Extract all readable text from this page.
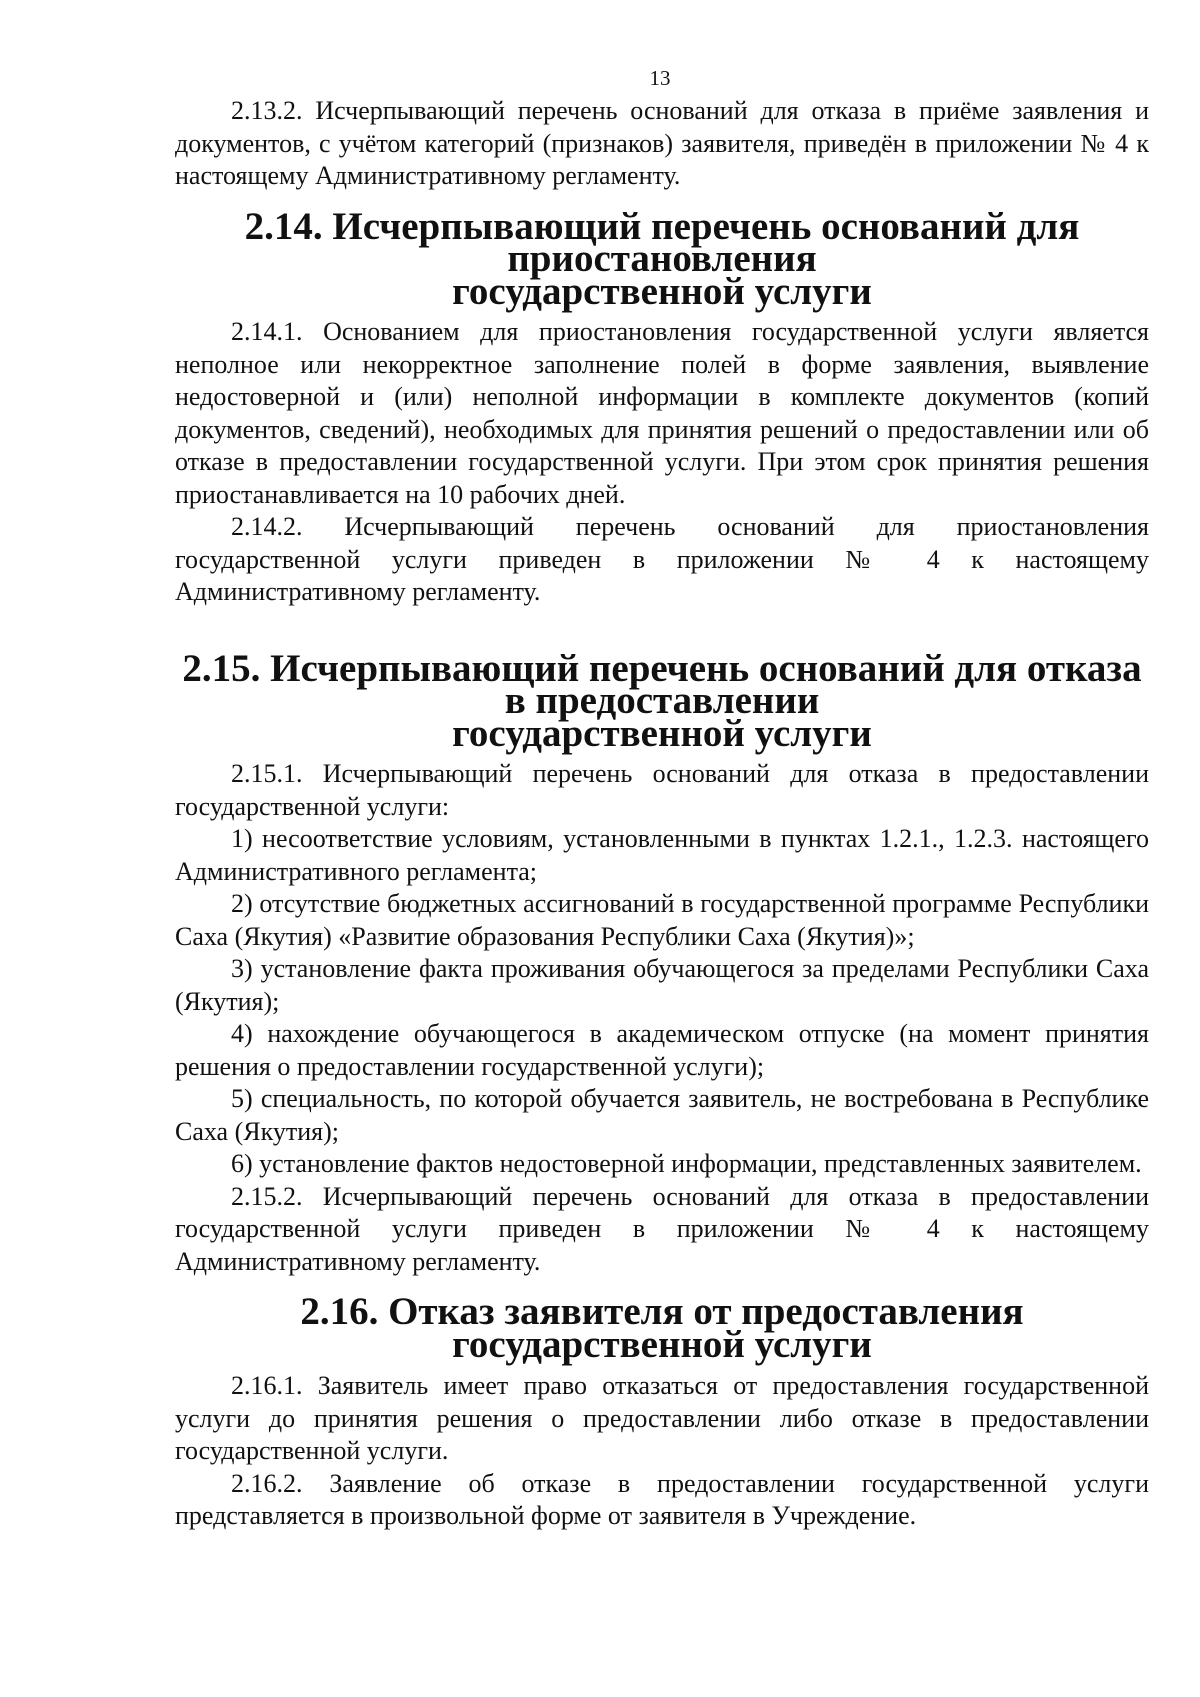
13

2.13.2. Исчерпывающий перечень оснований для отказа в приёме заявления и документов, с учётом категорий (признаков) заявителя, приведён в приложении № 4 к настоящему Административному регламенту.

2.14. Исчерпывающий перечень оснований для приостановления
государственной услуги

2.14.1. Основанием для приостановления государственной услуги является неполное или некорректное заполнение полей в форме заявления, выявление недостоверной и (или) неполной информации в комплекте документов (копий документов, сведений), необходимых для принятия решений о предоставлении или об отказе в предоставлении государственной услуги. При этом срок принятия решения приостанавливается на 10 рабочих дней.

2.14.2. Исчерпывающий перечень оснований для приостановления государственной услуги приведен в приложении № 4 к настоящему Административному регламенту.

2.15. Исчерпывающий перечень оснований для отказа в предоставлении
государственной услуги

2.15.1. Исчерпывающий перечень оснований для отказа в предоставлении государственной услуги:

1) несоответствие условиям, установленными в пунктах 1.2.1., 1.2.3. настоящего Административного регламента;

2) отсутствие бюджетных ассигнований в государственной программе Республики Саха (Якутия) «Развитие образования Республики Саха (Якутия)»;

3) установление факта проживания обучающегося за пределами Республики Саха (Якутия);

4) нахождение обучающегося в академическом отпуске (на момент принятия решения о предоставлении государственной услуги);

5) специальность, по которой обучается заявитель, не востребована в Республике Саха (Якутия);

6) установление фактов недостоверной информации, представленных заявителем.

2.15.2. Исчерпывающий перечень оснований для отказа в предоставлении государственной услуги приведен в приложении № 4 к настоящему Административному регламенту.

2.16. Отказ заявителя от предоставления государственной услуги

2.16.1. Заявитель имеет право отказаться от предоставления государственной услуги до принятия решения о предоставлении либо отказе в предоставлении государственной услуги.

2.16.2. Заявление об отказе в предоставлении государственной услуги представляется в произвольной форме от заявителя в Учреждение.
